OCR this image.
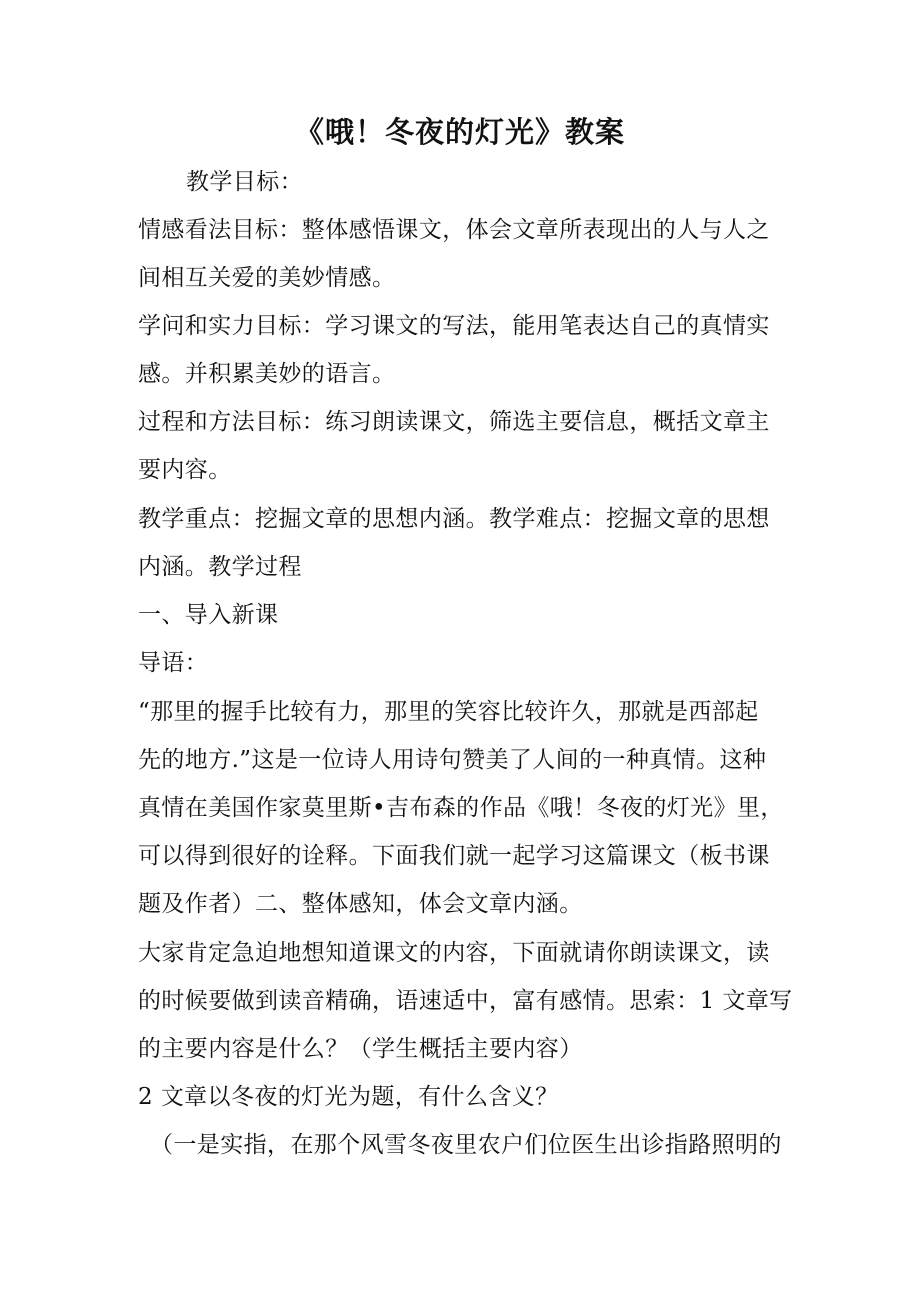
《哦！冬夜的灯光》教案
教学目标：
情感看法目标：整体感悟课文，体会文章所表现出的人与人之
间相互关爱的美妙情感。
学问和实力目标：学习课文的写法，能用笔表达自己的真情实
感。并积累美妙的语言。
过程和方法目标：练习朗读课文，筛选主要信息，概括文章主
要内容。
教学重点：挖掘文章的思想内涵。教学难点：挖掘文章的思想
内涵。教学过程
一、导入新课
导语：
“那里的握手比较有力，那里的笑容比较许久，那就是西部起
先的地方.”这是一位诗人用诗句赞美了人间的一种真情。这种
真情在美国作家莫里斯•吉布森的作品《哦！冬夜的灯光》里，
可以得到很好的诠释。下面我们就一起学习这篇课文（板书课
题及作者）二、整体感知，体会文章内涵。
大家肯定急迫地想知道课文的内容，下面就请你朗读课文，读
的时候要做到读音精确，语速适中，富有感情。思索：1 文章写
的主要内容是什么？（学生概括主要内容）
2 文章以冬夜的灯光为题，有什么含义？
（一是实指，在那个风雪冬夜里农户们位医生出诊指路照明的
